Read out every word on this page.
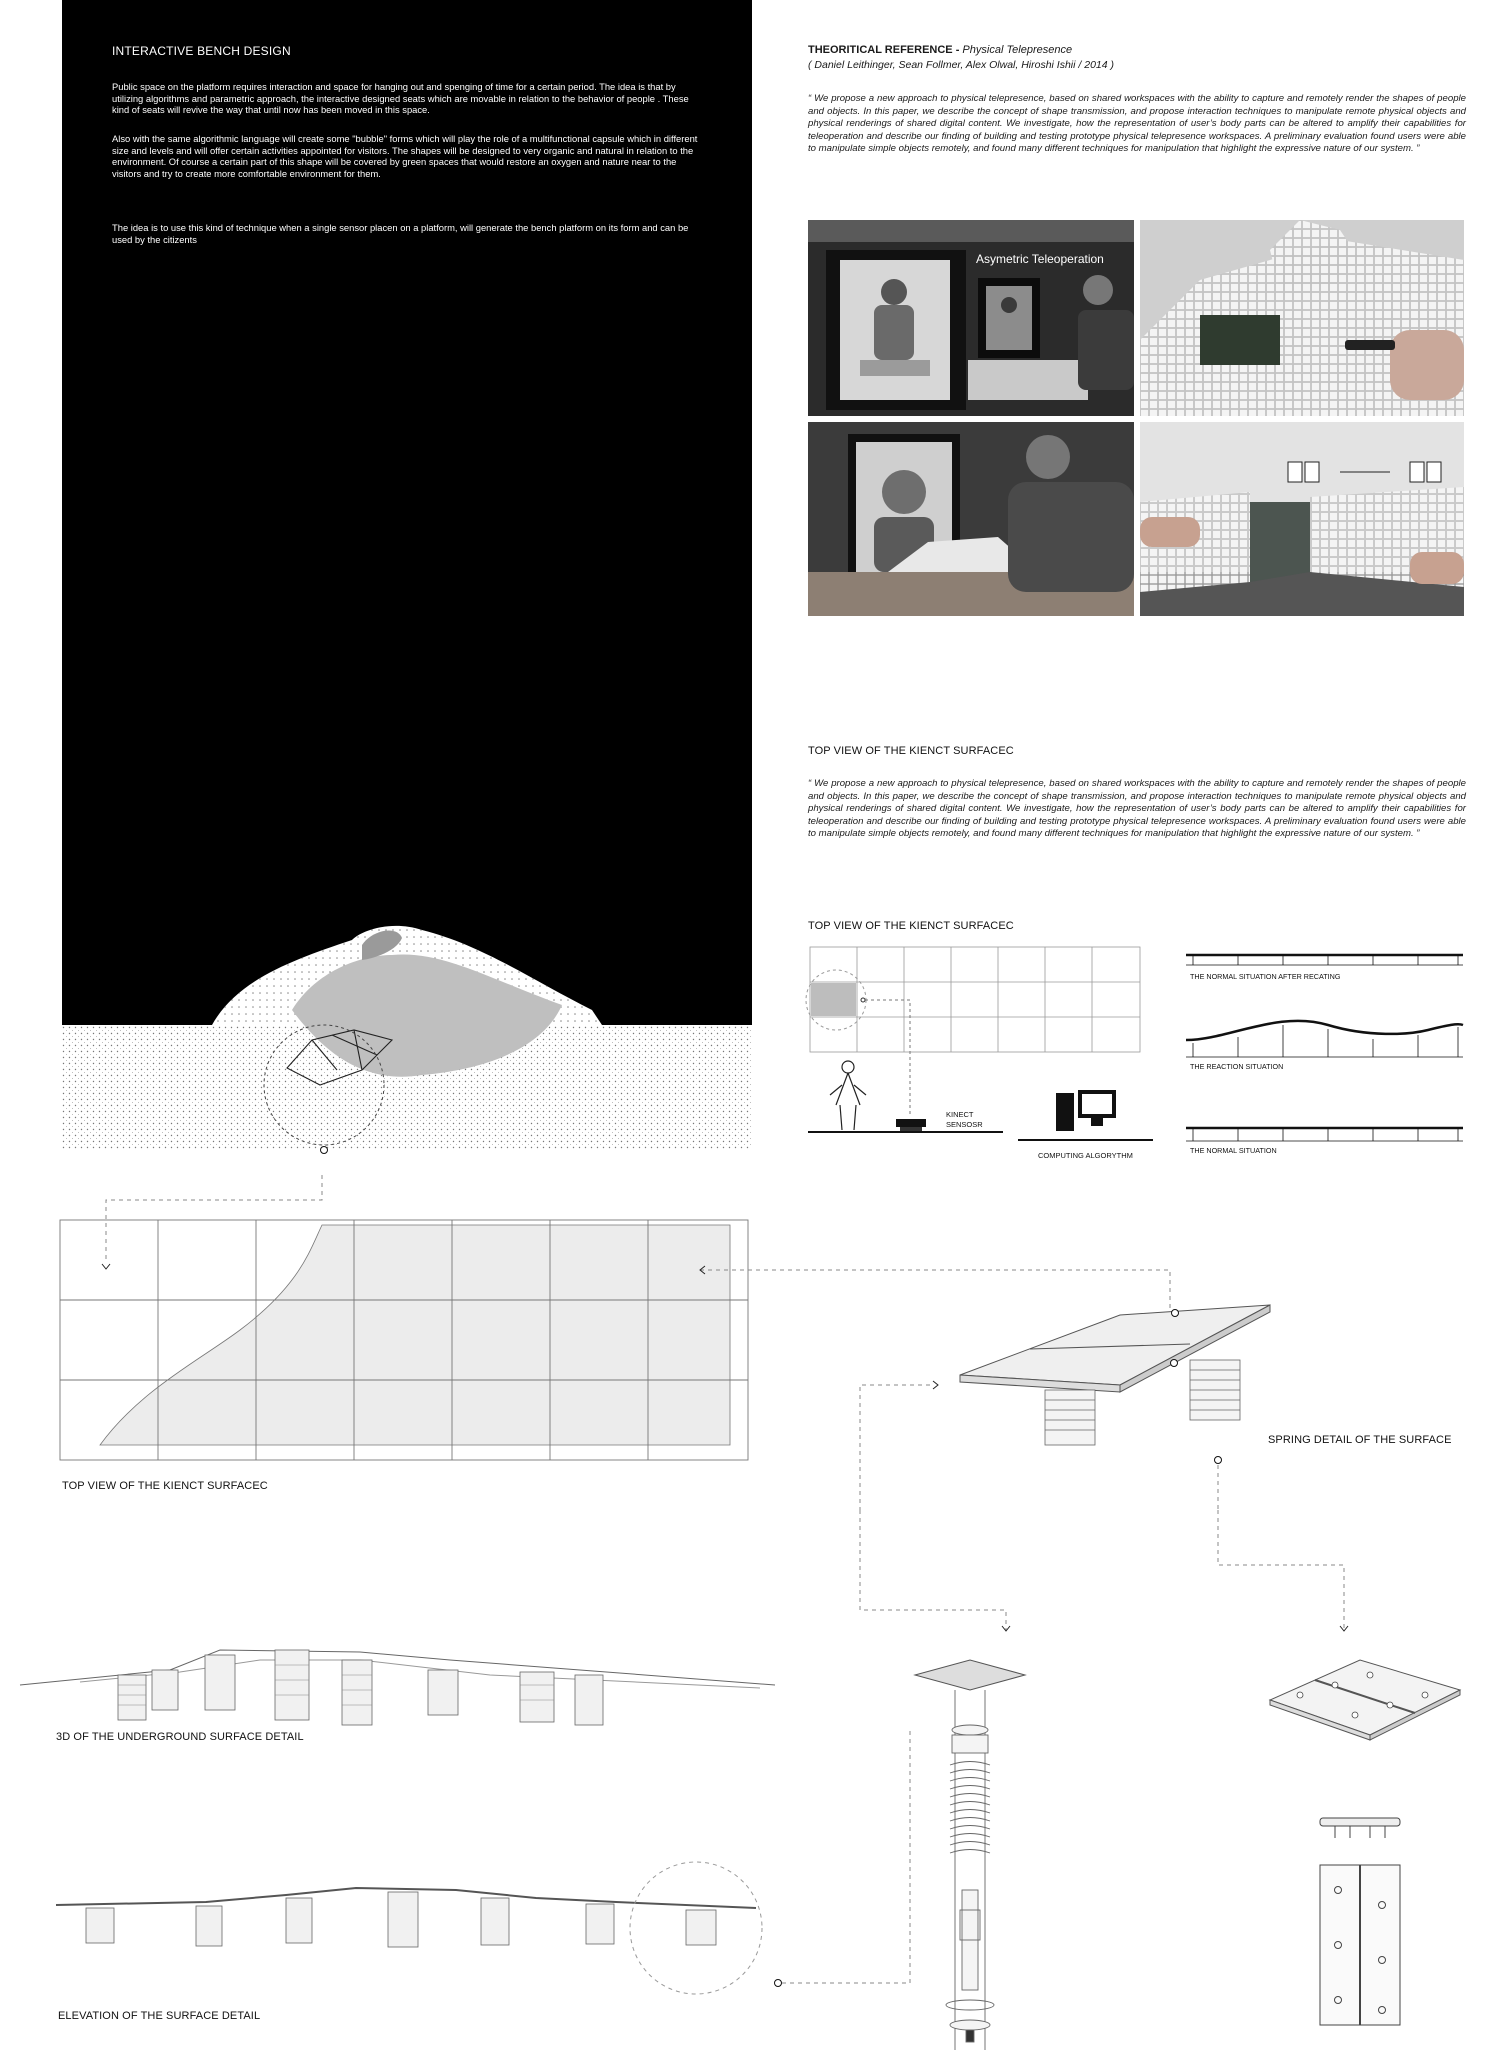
INTERACTIVE BENCH DESIGN

Public space on the platform requires interaction and space for hanging out and spenging of time for a certain period. The idea is that by utilizing algorithms and parametric approach, the interactive designed seats which are movable in relation to the behavior of people . These kind of seats will revive the way that until now has been moved in this space.

Also with the same algorithmic language will create some "bubble" forms which will play the role of a multifunctional capsule which in different size and levels and will offer certain activities appointed for visitors. The shapes will be designed to very organic and natural in relation to the environment. Of course a certain part of this shape will be covered by green spaces that would restore an oxygen and nature near to the visitors and try to create more comfortable environment for them.

The idea is to use this kind of technique when a single sensor placen on a platform, will generate the bench platform on its form and can be used by the citizents

THEORITICAL REFERENCE - Physical Telepresence
( Daniel Leithinger, Sean Follmer, Alex Olwal, Hiroshi Ishii / 2014 )

“ We propose a new approach to physical telepresence, based on shared workspaces with the ability to capture and remotely render the shapes of people and objects. In this paper, we describe the concept of shape transmission, and propose interaction techniques to manipulate remote physical objects and physical renderings of shared digital content. We investigate, how the representation of user’s body parts can be altered to amplify their capabilities for teleoperation and describe our finding of building and testing prototype physical telepresence workspaces. A preliminary evaluation found users were able to manipulate simple objects remotely, and found many different techniques for manipulation that highlight the expressive nature of our system. ”

Asymetric Teleoperation
TOP VIEW OF THE KIENCT SURFACEC

“ We propose a new approach to physical telepresence, based on shared workspaces with the ability to capture and remotely render the shapes of people and objects. In this paper, we describe the concept of shape transmission, and propose interaction techniques to manipulate remote physical objects and physical renderings of shared digital content. We investigate, how the representation of user’s body parts can be altered to amplify their capabilities for teleoperation and describe our finding of building and testing prototype physical telepresence workspaces. A preliminary evaluation found users were able to manipulate simple objects remotely, and found many different techniques for manipulation that highlight the expressive nature of our system. ”

TOP VIEW OF THE KIENCT SURFACEC
KINECT
SENSOSR
COMPUTING ALGORYTHM
THE NORMAL SITUATION AFTER RECATING
THE REACTION SITUATION
THE NORMAL SITUATION
TOP VIEW OF THE KIENCT SURFACEC
SPRING DETAIL OF THE SURFACE
3D OF THE UNDERGROUND SURFACE DETAIL
ELEVATION OF THE SURFACE DETAIL
